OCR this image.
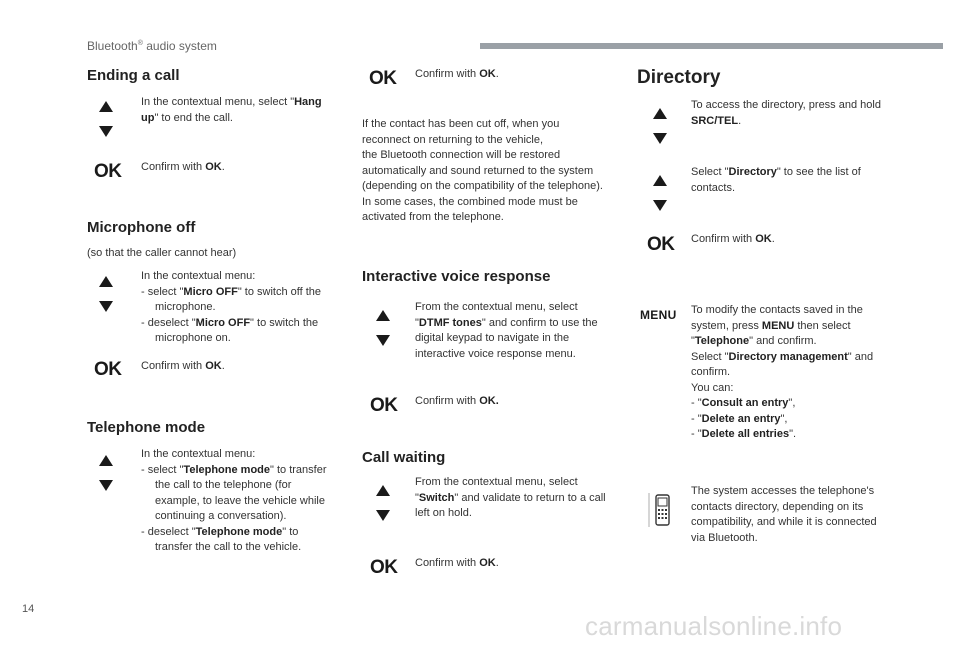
Bluetooth® audio system
Ending a call
In the contextual menu, select "Hang up" to end the call.
OK Confirm with OK.
Microphone off
(so that the caller cannot hear)
In the contextual menu:
- select "Micro OFF" to switch off the microphone.
- deselect "Micro OFF" to switch the microphone on.
OK Confirm with OK.
Telephone mode
In the contextual menu:
- select "Telephone mode" to transfer the call to the telephone (for example, to leave the vehicle while continuing a conversation).
- deselect "Telephone mode" to transfer the call to the vehicle.
OK Confirm with OK.
If the contact has been cut off, when you reconnect on returning to the vehicle,
the Bluetooth connection will be restored automatically and sound returned to the system (depending on the compatibility of the telephone).
In some cases, the combined mode must be activated from the telephone.
Interactive voice response
From the contextual menu, select "DTMF tones" and confirm to use the digital keypad to navigate in the interactive voice response menu.
OK Confirm with OK.
Call waiting
From the contextual menu, select "Switch" and validate to return to a call left on hold.
OK Confirm with OK.
Directory
To access the directory, press and hold SRC/TEL.
Select "Directory" to see the list of contacts.
OK Confirm with OK.
MENU To modify the contacts saved in the system, press MENU then select
"Telephone" and confirm.
Select "Directory management" and confirm.
You can:
- "Consult an entry",
- "Delete an entry",
- "Delete all entries".
The system accesses the telephone's contacts directory, depending on its compatibility, and while it is connected via Bluetooth.
14
carmanualsonline.info
